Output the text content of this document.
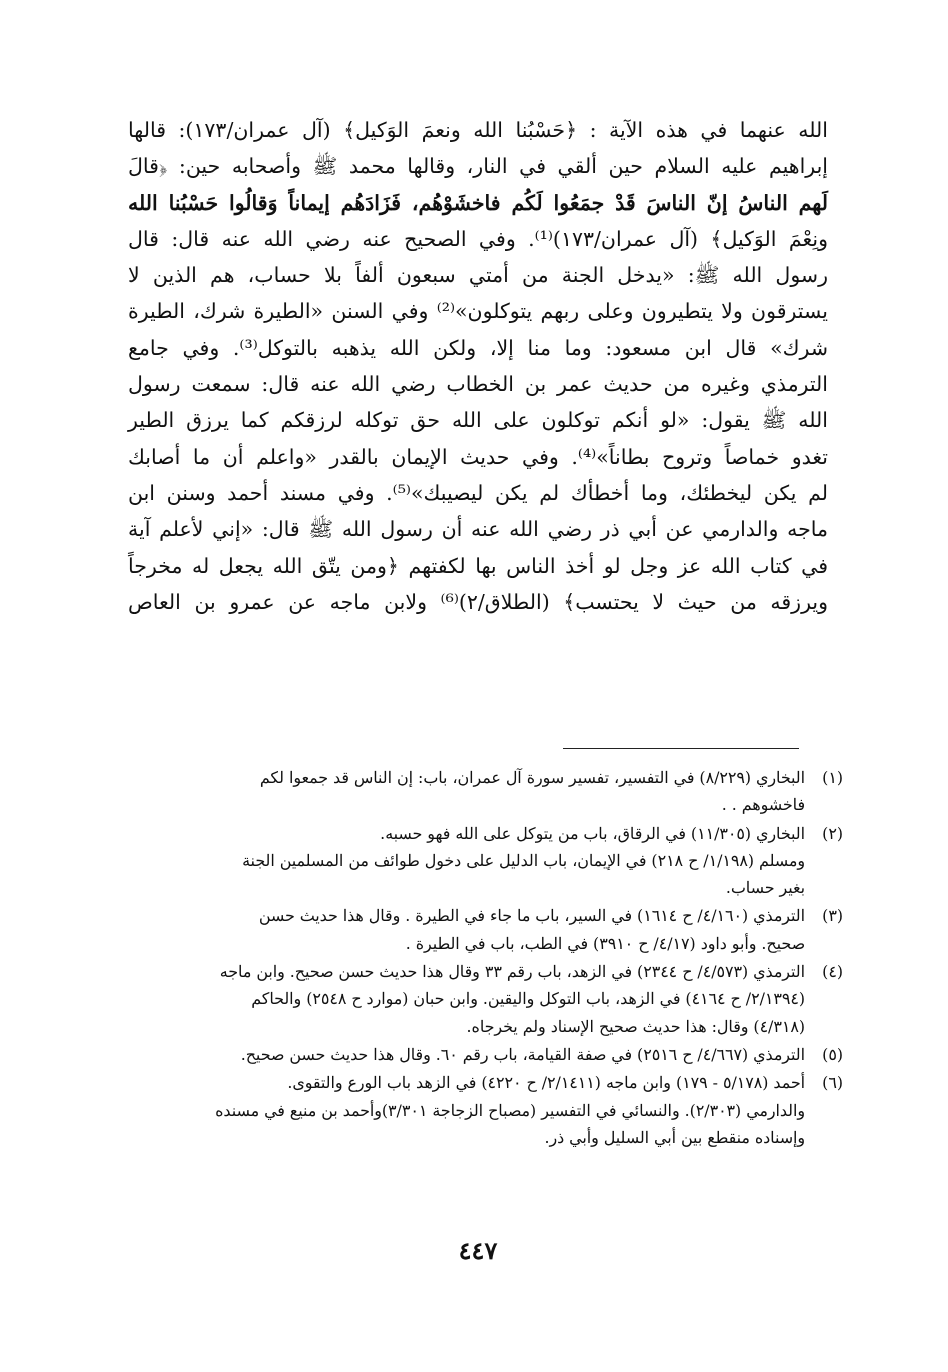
الله عنهما في هذه الآية : ﴿حَسْبُنا الله ونعمَ الوَكيل﴾ (آل عمران/١٧٣): قالها
إبراهيم عليه السلام حين ألقي في النار، وقالها محمد ﷺ وأصحابه حين: ﴿قالَ
لَهم الناسُ إنّ الناسَ قَدْ جمَعُوا لَكُم فاخشَوْهُم، فَزَادَهُم إيماناً وَقالُوا حَسْبُنا الله
ونِعْمَ الوَكيل﴾ (آل عمران/١٧٣)⁽¹⁾. وفي الصحيح عنه رضي الله عنه قال: قال
رسول الله ﷺ: «يدخل الجنة من أمتي سبعون ألفاً بلا حساب، هم الذين لا
يسترقون ولا يتطيرون وعلى ربهم يتوكلون»⁽²⁾ وفي السنن «الطيرة شرك، الطيرة
شرك» قال ابن مسعود: وما منا إلا، ولكن الله يذهبه بالتوكل⁽³⁾. وفي جامع
الترمذي وغيره من حديث عمر بن الخطاب رضي الله عنه قال: سمعت رسول
الله ﷺ يقول: «لو أنكم توكلون على الله حق توكله لرزقكم كما يرزق الطير
تغدو خماصاً وتروح بطاناً»⁽⁴⁾. وفي حديث الإيمان بالقدر «واعلم أن ما أصابك
لم يكن ليخطئك، وما أخطأك لم يكن ليصيبك»⁽⁵⁾. وفي مسند أحمد وسنن ابن
ماجه والدارمي عن أبي ذر رضي الله عنه أن رسول الله ﷺ قال: «إني لأعلم آية
في كتاب الله عز وجل لو أخذ الناس بها لكفتهم ﴿ومن يتّق الله يجعل له مخرجاً
ويرزقه من حيث لا يحتسب﴾ (الطلاق/٢)⁽⁶⁾ ولابن ماجه عن عمرو بن العاص
(١)
البخاري (٨/٢٢٩) في التفسير، تفسير سورة آل عمران، باب: إن الناس قد جمعوا لكم
فاخشوهم . .
(٢)
البخاري (١١/٣٠٥) في الرقاق، باب من يتوكل على الله فهو حسبه.
ومسلم (١/١٩٨/ ح ٢١٨) في الإيمان، باب الدليل على دخول طوائف من المسلمين الجنة
بغير حساب.
(٣)
الترمذي (٤/١٦٠/ ح ١٦١٤) في السير، باب ما جاء في الطيرة . وقال هذا حديث حسن
صحيح. وأبو داود (٤/١٧/ ح ٣٩١٠) في الطب، باب في الطيرة .
(٤)
الترمذي (٤/٥٧٣/ ح ٢٣٤٤) في الزهد، باب رقم ٣٣ وقال هذا حديث حسن صحيح. وابن ماجه
(٢/١٣٩٤/ ح ٤١٦٤) في الزهد، باب التوكل واليقين. وابن حبان (موارد ح ٢٥٤٨) والحاكم
(٤/٣١٨) وقال: هذا حديث صحيح الإسناد ولم يخرجاه.
(٥)
الترمذي (٤/٦٦٧/ ح ٢٥١٦) في صفة القيامة، باب رقم ٦٠. وقال هذا حديث حسن صحيح.
(٦)
أحمد (٥/١٧٨ - ١٧٩) وابن ماجه (٢/١٤١١/ ح ٤٢٢٠) في الزهد باب الورع والتقوى.
والدارمي (٢/٣٠٣). والنسائي في التفسير (مصباح الزجاجة ٣/٣٠١)وأحمد بن منيع في مسنده
وإسناده منقطع بين أبي السليل وأبي ذر.
٤٤٧
